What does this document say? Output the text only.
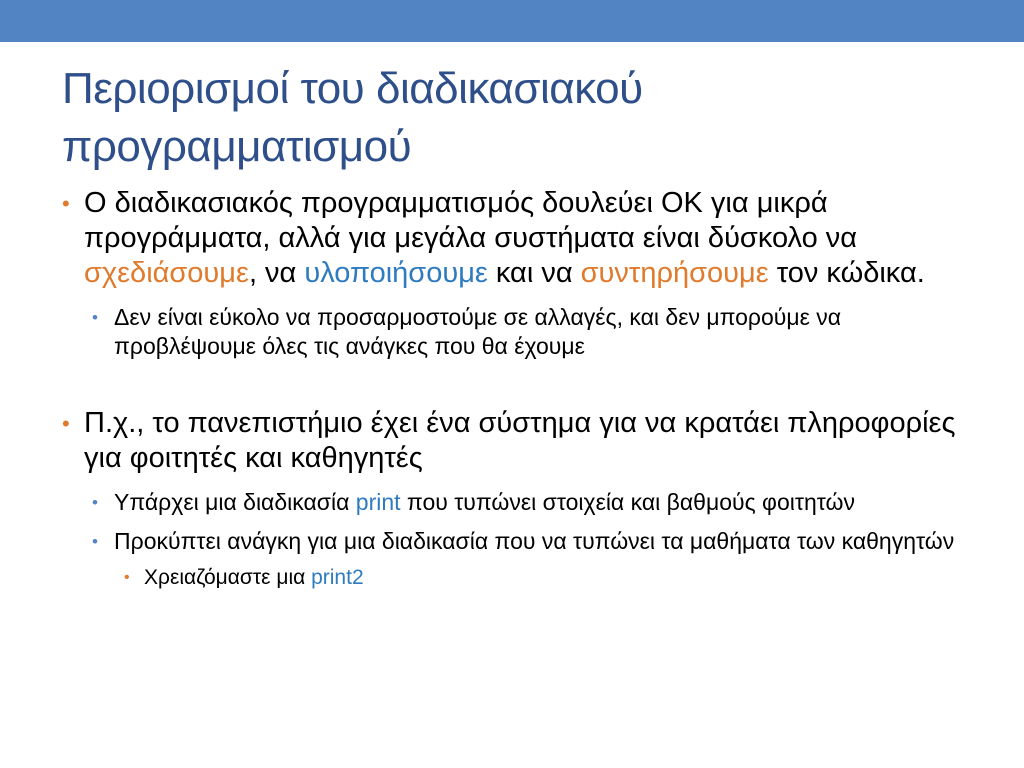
Περιορισμοί του διαδικασιακού προγραμματισμού
• Ο διαδικασιακός προγραμματισμός δουλεύει OK για μικρά προγράμματα, αλλά για μεγάλα συστήματα είναι δύσκολο να σχεδιάσουμε, να υλοποιήσουμε και να συντηρήσουμε τον κώδικα.
• Δεν είναι εύκολο να προσαρμοστούμε σε αλλαγές, και δεν μπορούμε να προβλέψουμε όλες τις ανάγκες που θα έχουμε
• Π.χ., το πανεπιστήμιο έχει ένα σύστημα για να κρατάει πληροφορίες για φοιτητές και καθηγητές
• Υπάρχει μια διαδικασία print που τυπώνει στοιχεία και βαθμούς φοιτητών
• Προκύπτει ανάγκη για μια διαδικασία που να τυπώνει τα μαθήματα των καθηγητών
• Χρειαζόμαστε μια print2
